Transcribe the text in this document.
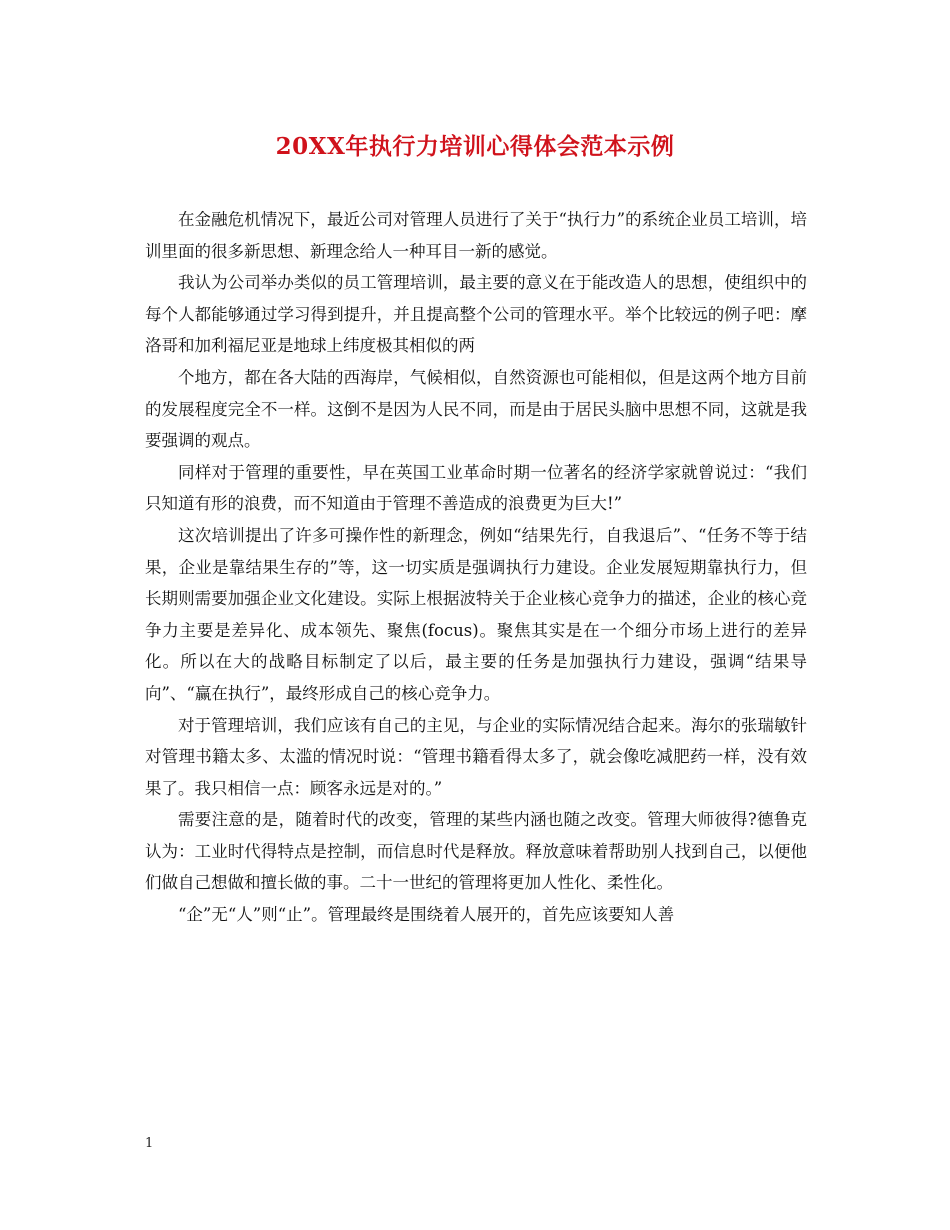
20XX年执行力培训心得体会范本示例

在金融危机情况下，最近公司对管理人员进行了关于“执行力”的系统企业员工培训，培训里面的很多新思想、新理念给人一种耳目一新的感觉。

我认为公司举办类似的员工管理培训，最主要的意义在于能改造人的思想，使组织中的每个人都能够通过学习得到提升，并且提高整个公司的管理水平。举个比较远的例子吧：摩洛哥和加利福尼亚是地球上纬度极其相似的两

个地方，都在各大陆的西海岸，气候相似，自然资源也可能相似，但是这两个地方目前的发展程度完全不一样。这倒不是因为人民不同，而是由于居民头脑中思想不同，这就是我要强调的观点。

同样对于管理的重要性，早在英国工业革命时期一位著名的经济学家就曾说过：“我们只知道有形的浪费，而不知道由于管理不善造成的浪费更为巨大!”

这次培训提出了许多可操作性的新理念，例如“结果先行，自我退后”、“任务不等于结果，企业是靠结果生存的”等，这一切实质是强调执行力建设。企业发展短期靠执行力，但长期则需要加强企业文化建设。实际上根据波特关于企业核心竞争力的描述，企业的核心竞争力主要是差异化、成本领先、聚焦(focus)。聚焦其实是在一个细分市场上进行的差异化。所以在大的战略目标制定了以后，最主要的任务是加强执行力建设，强调“结果导向”、“赢在执行”，最终形成自己的核心竞争力。

对于管理培训，我们应该有自己的主见，与企业的实际情况结合起来。海尔的张瑞敏针对管理书籍太多、太滥的情况时说：“管理书籍看得太多了，就会像吃减肥药一样，没有效果了。我只相信一点：顾客永远是对的。”

需要注意的是，随着时代的改变，管理的某些内涵也随之改变。管理大师彼得?德鲁克认为：工业时代得特点是控制，而信息时代是释放。释放意味着帮助别人找到自己，以便他们做自己想做和擅长做的事。二十一世纪的管理将更加人性化、柔性化。

“企”无“人”则“止”。管理最终是围绕着人展开的，首先应该要知人善

1
